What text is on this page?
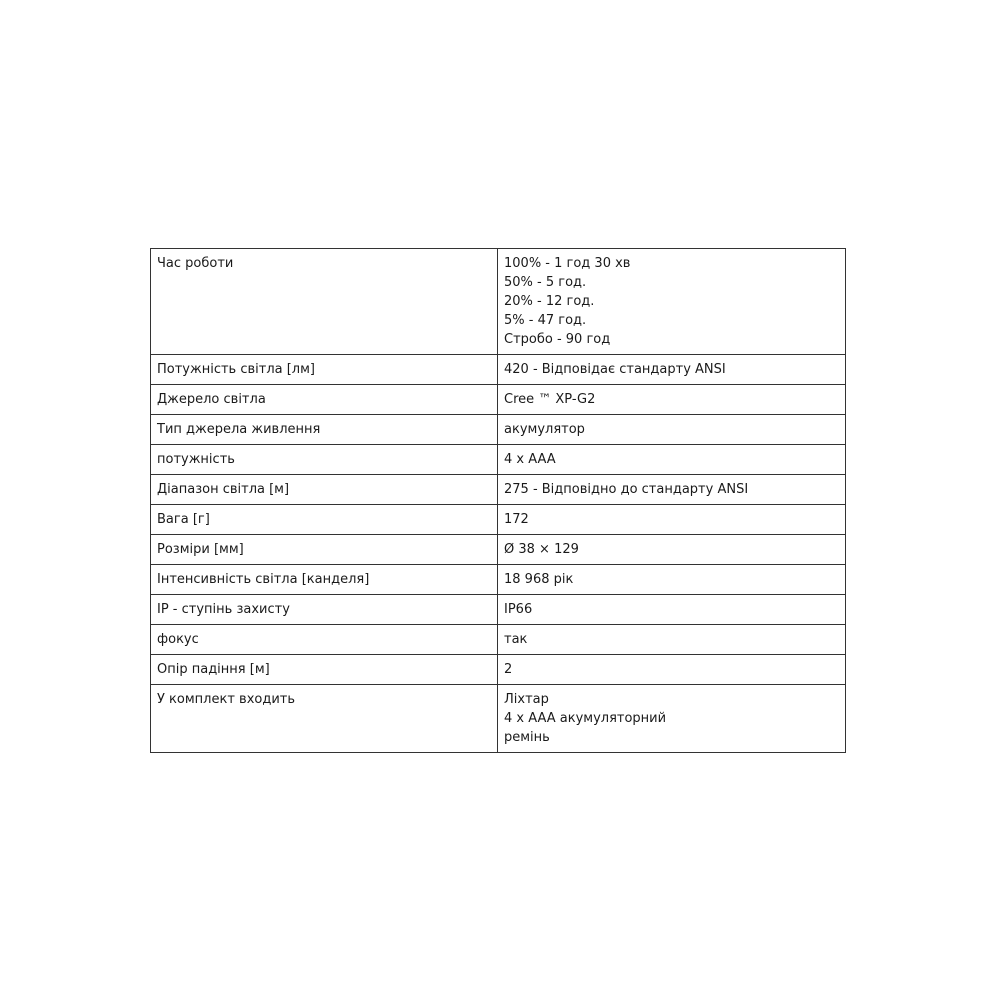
Час роботи	100% - 1 год 30 хв
50% - 5 год.
20% - 12 год.
5% - 47 год.
Стробо - 90 год

Потужність світла [лм]	420 - Відповідає стандарту ANSI
Джерело світла	Cree ™ XP-G2
Тип джерела живлення	акумулятор
потужність	4 x AAA
Діапазон світла [м]	275 - Відповідно до стандарту ANSI
Вага [г]	172
Розміри [мм]	Ø 38 × 129
Інтенсивність світла [канделя]	18 968 рік
IP - ступінь захисту	IP66
фокус	так
Опір падіння [м]	2
У комплект входить	Ліхтар
4 x AAA акумуляторний
ремінь
